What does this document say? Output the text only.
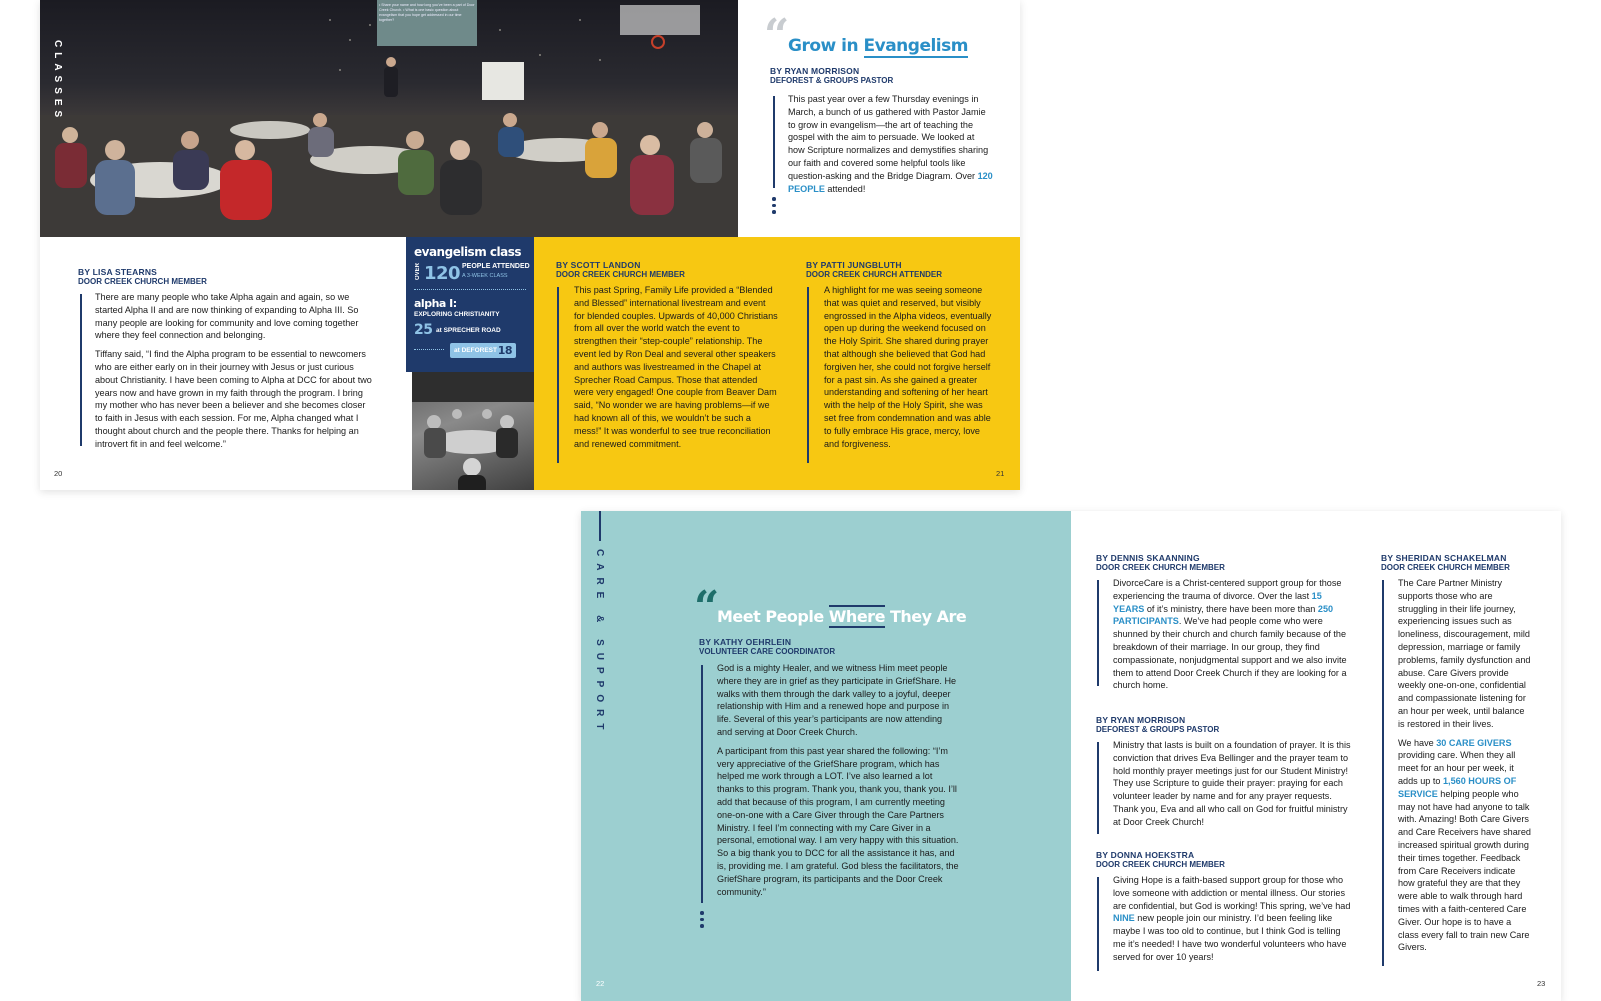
• Share your name and how long you’ve been a part of Door Creek Church. • What is one basic question about evangelism that you hope get addressed in our time together?
CLASSES
“
Grow in Evangelism
BY RYAN MORRISON
DEFOREST & GROUPS PASTOR
This past year over a few Thursday evenings in March, a bunch of us gathered with Pastor Jamie to grow in evangelism—the art of teaching the gospel with the aim to persuade. We looked at how Scripture normalizes and demystifies sharing our faith and covered some helpful tools like question-asking and the Bridge Diagram. Over 120 PEOPLE attended!
BY LISA STEARNS
DOOR CREEK CHURCH MEMBER

There are many people who take Alpha again and again, so we started Alpha II and are now thinking of expanding to Alpha III. So many people are looking for community and love coming together where they feel connection and belonging.

Tiffany said, “I find the Alpha program to be essential to newcomers who are either early on in their journey with Jesus or just curious about Christianity. I have been coming to Alpha at DCC for about two years now and have grown in my faith through the program. I bring my mother who has never been a believer and she becomes closer to faith in Jesus with each session. For me, Alpha changed what I thought about church and the people there. Thanks for helping an introvert fit in and feel welcome.”

20
evangelism class
OVER 120 PEOPLE ATTENDED
A 3-WEEK CLASS
alpha I:
EXPLORING CHRISTIANITY
25 at SPRECHER ROAD
at DEFOREST 18
BY SCOTT LANDON
DOOR CREEK CHURCH MEMBER

This past Spring, Family Life provided a “Blended and Blessed” international livestream and event for blended couples. Upwards of 40,000 Christians from all over the world watch the event to strengthen their “step-couple” relationship. The event led by Ron Deal and several other speakers and authors was livestreamed in the Chapel at Sprecher Road Campus. Those that attended were very engaged! One couple from Beaver Dam said, “No wonder we are having problems—if we had known all of this, we wouldn’t be such a mess!” It was wonderful to see true reconciliation and renewed commitment.

BY PATTI JUNGBLUTH
DOOR CREEK CHURCH ATTENDER

A highlight for me was seeing someone that was quiet and reserved, but visibly engrossed in the Alpha videos, eventually open up during the weekend focused on the Holy Spirit. She shared during prayer that although she believed that God had forgiven her, she could not forgive herself for a past sin. As she gained a greater understanding and softening of her heart with the help of the Holy Spirit, she was set free from condemnation and was able to fully embrace His grace, mercy, love and forgiveness.

21
CARE & SUPPORT “
Meet People Where They Are
BY KATHY OEHRLEIN
VOLUNTEER CARE COORDINATOR

God is a mighty Healer, and we witness Him meet people where they are in grief as they participate in GriefShare. He walks with them through the dark valley to a joyful, deeper relationship with Him and a renewed hope and purpose in life. Several of this year’s participants are now attending and serving at Door Creek Church.

A participant from this past year shared the following: “I’m very appreciative of the GriefShare program, which has helped me work through a LOT. I’ve also learned a lot thanks to this program. Thank you, thank you, thank you. I’ll add that because of this program, I am currently meeting one-on-one with a Care Giver through the Care Partners Ministry. I feel I’m connecting with my Care Giver in a personal, emotional way. I am very happy with this situation. So a big thank you to DCC for all the assistance it has, and is, providing me. I am grateful. God bless the facilitators, the GriefShare program, its participants and the Door Creek community.”

22
BY DENNIS SKAANNING
DOOR CREEK CHURCH MEMBER
DivorceCare is a Christ-centered support group for those experiencing the trauma of divorce. Over the last 15 YEARS of it’s ministry, there have been more than 250 PARTICIPANTS. We’ve had people come who were shunned by their church and church family because of the breakdown of their marriage. In our group, they find compassionate, nonjudgmental support and we also invite them to attend Door Creek Church if they are looking for a church home.
BY RYAN MORRISON
DEFOREST & GROUPS PASTOR
Ministry that lasts is built on a foundation of prayer. It is this conviction that drives Eva Bellinger and the prayer team to hold monthly prayer meetings just for our Student Ministry! They use Scripture to guide their prayer: praying for each volunteer leader by name and for any prayer requests. Thank you, Eva and all who call on God for fruitful ministry at Door Creek Church!
BY DONNA HOEKSTRA
DOOR CREEK CHURCH MEMBER
Giving Hope is a faith-based support group for those who love someone with addiction or mental illness. Our stories are confidential, but God is working! This spring, we’ve had NINE new people join our ministry. I’d been feeling like maybe I was too old to continue, but I think God is telling me it’s needed! I have two wonderful volunteers who have served for over 10 years!
BY SHERIDAN SCHAKELMAN
DOOR CREEK CHURCH MEMBER

The Care Partner Ministry supports those who are struggling in their life journey, experiencing issues such as loneliness, discouragement, mild depression, marriage or family problems, family dysfunction and abuse. Care Givers provide weekly one-on-one, confidential and compassionate listening for an hour per week, until balance is restored in their lives.

We have 30 CARE GIVERS providing care. When they all meet for an hour per week, it adds up to 1,560 HOURS OF SERVICE helping people who may not have had anyone to talk with. Amazing! Both Care Givers and Care Receivers have shared increased spiritual growth during their times together. Feedback from Care Receivers indicate how grateful they are that they were able to walk through hard times with a faith-centered Care Giver. Our hope is to have a class every fall to train new Care Givers.

23
